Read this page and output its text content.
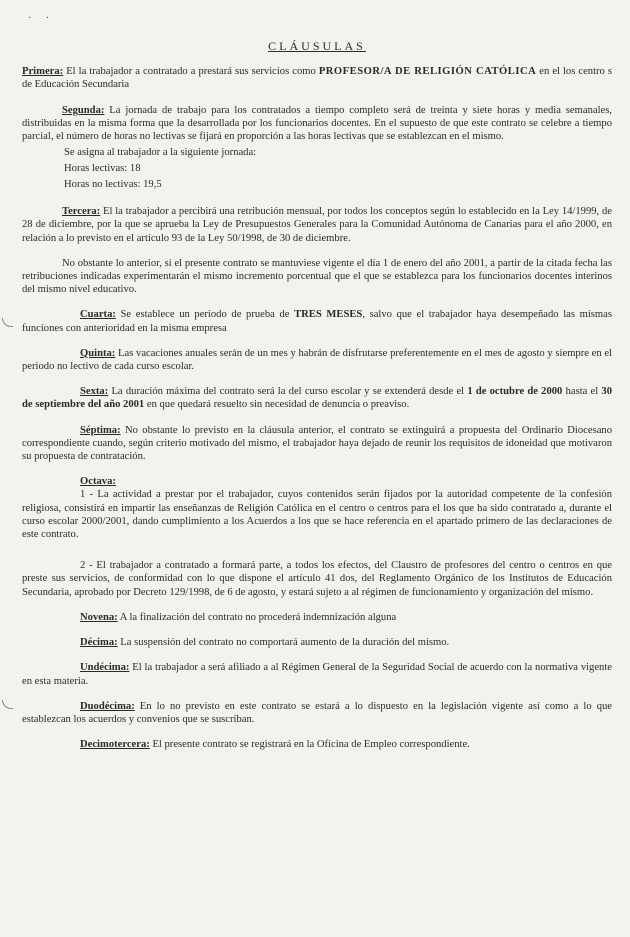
· ·
CLÁUSULAS

Primera: El la trabajador a contratado a prestará sus servicios como PROFESOR/A DE RELIGIÓN CATÓLICA en el los centro s de Educación Secundaria

Segunda: La jornada de trabajo para los contratados a tiempo completo será de treinta y siete horas y media semanales, distribuidas en la misma forma que la desarrollada por los funcionarios docentes. En el supuesto de que este contrato se celebre a tiempo parcial, el número de horas no lectivas se fijará en proporción a las horas lectivas que se establezcan en el mismo.

Se asigna al trabajador a la siguiente jornada:
Horas lectivas: 18
Horas no lectivas: 19,5

Tercera: El la trabajador a percibirá una retribución mensual, por todos los conceptos según lo establecido en la Ley 14/1999, de 28 de diciembre, por la que se aprueba la Ley de Presupuestos Generales para la Comunidad Autónoma de Canarias para el año 2000, en relación a lo previsto en el artículo 93 de la Ley 50/1998, de 30 de diciembre.

No obstante lo anterior, si el presente contrato se mantuviese vigente el día 1 de enero del año 2001, a partir de la citada fecha las retribuciones indicadas experimentarán el mismo incremento porcentual que el que se establezca para los funcionarios docentes interinos del mismo nivel educativo.

Cuarta: Se establece un periodo de prueba de TRES MESES, salvo que el trabajador haya desempeñado las mismas funciones con anterioridad en la misma empresa

Quinta: Las vacaciones anuales serán de un mes y habrán de disfrutarse preferentemente en el mes de agosto y siempre en el periodo no lectivo de cada curso escolar.

Sexta: La duración máxima del contrato será la del curso escolar y se extenderá desde el 1 de octubre de 2000 hasta el 30 de septiembre del año 2001 en que quedará resuelto sin necesidad de denuncia o preaviso.

Séptima: No obstante lo previsto en la cláusula anterior, el contrato se extinguirá a propuesta del Ordinario Diocesano correspondiente cuando, según criterio motivado del mismo, el trabajador haya dejado de reunir los requisitos de idoneidad que motivaron su propuesta de contratación.

Octava:

1 - La actividad a prestar por el trabajador, cuyos contenidos serán fijados por la autoridad competente de la confesión religiosa, consistirá en impartir las enseñanzas de Religión Católica en el centro o centros para el los que ha sido contratado a, durante el curso escolar 2000/2001, dando cumplimiento a los Acuerdos a los que se hace referencia en el apartado primero de las declaraciones de este contrato.

2 - El trabajador a contratado a formará parte, a todos los efectos, del Claustro de profesores del centro o centros en que preste sus servicios, de conformidad con lo que dispone el artículo 41 dos, del Reglamento Orgánico de los Institutos de Educación Secundaria, aprobado por Decreto 129/1998, de 6 de agosto, y estará sujeto a al régimen de funcionamiento y organización del mismo.

Novena: A la finalización del contrato no procederá indemnización alguna

Décima: La suspensión del contrato no comportará aumento de la duración del mismo.

Undécima: El la trabajador a será afiliado a al Régimen General de la Seguridad Social de acuerdo con la normativa vigente en esta materia.

Duodécima: En lo no previsto en este contrato se estará a lo dispuesto en la legislación vigente así como a lo que establezcan los acuerdos y convenios que se suscriban.

Decimotercera: El presente contrato se registrará en la Oficina de Empleo correspondiente.
